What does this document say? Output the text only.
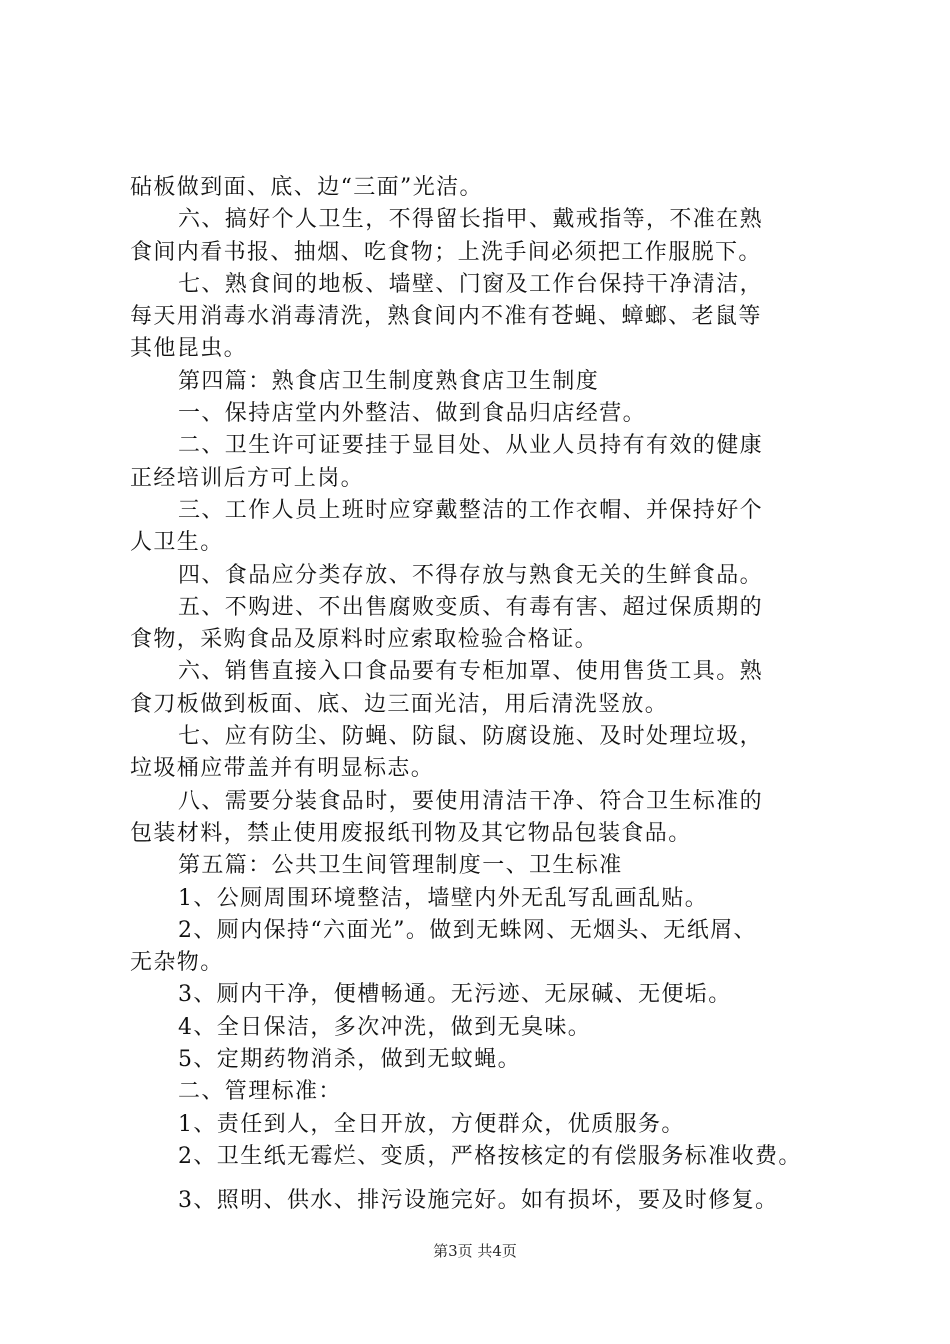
砧板做到面、底、边“三面”光洁。
六、搞好个人卫生，不得留长指甲、戴戒指等，不准在熟
食间内看书报、抽烟、吃食物；上洗手间必须把工作服脱下。
七、熟食间的地板、墙壁、门窗及工作台保持干净清洁，
每天用消毒水消毒清洗，熟食间内不准有苍蝇、蟑螂、老鼠等
其他昆虫。
第四篇：熟食店卫生制度熟食店卫生制度
一、保持店堂内外整洁、做到食品归店经营。
二、卫生许可证要挂于显目处、从业人员持有有效的健康
正经培训后方可上岗。
三、工作人员上班时应穿戴整洁的工作衣帽、并保持好个
人卫生。
四、食品应分类存放、不得存放与熟食无关的生鲜食品。
五、不购进、不出售腐败变质、有毒有害、超过保质期的
食物，采购食品及原料时应索取检验合格证。
六、销售直接入口食品要有专柜加罩、使用售货工具。熟
食刀板做到板面、底、边三面光洁，用后清洗竖放。
七、应有防尘、防蝇、防鼠、防腐设施、及时处理垃圾，
垃圾桶应带盖并有明显标志。
八、需要分装食品时，要使用清洁干净、符合卫生标准的
包装材料，禁止使用废报纸刊物及其它物品包装食品。
第五篇：公共卫生间管理制度一、卫生标准
1、公厕周围环境整洁，墙壁内外无乱写乱画乱贴。
2、厕内保持“六面光”。做到无蛛网、无烟头、无纸屑、
无杂物。
3、厕内干净，便槽畅通。无污迹、无尿碱、无便垢。
4、全日保洁，多次冲洗，做到无臭味。
5、定期药物消杀，做到无蚊蝇。
二、管理标准：
1、责任到人，全日开放，方便群众，优质服务。
2、卫生纸无霉烂、变质，严格按核定的有偿服务标准收费。
3、照明、供水、排污设施完好。如有损坏，要及时修复。
第3页 共4页
